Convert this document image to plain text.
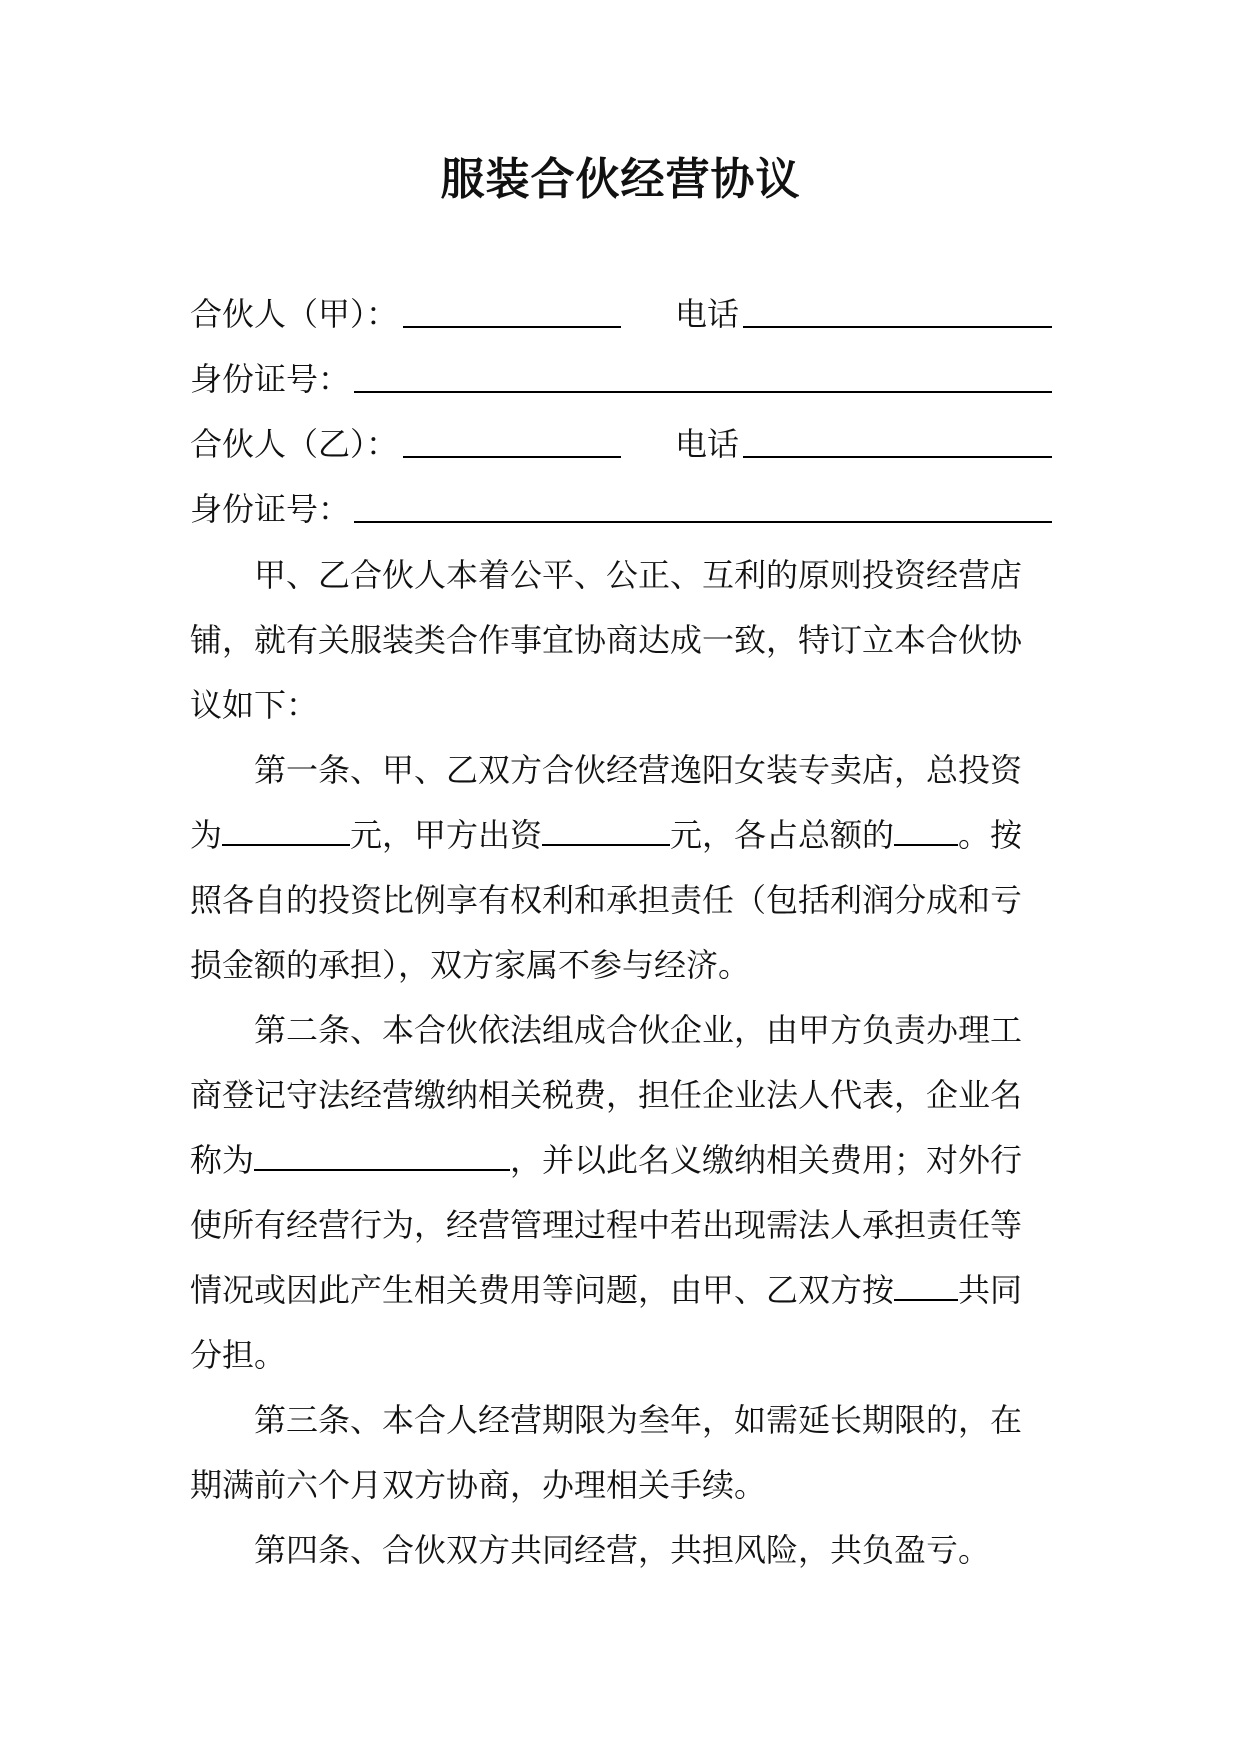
服装合伙经营协议
合伙人（甲）：	电话
身份证号：
合伙人（乙）：	电话
身份证号：
甲、乙合伙人本着公平、公正、互利的原则投资经营店
铺，就有关服装类合作事宜协商达成一致，特订立本合伙协
议如下：
第一条、甲、乙双方合伙经营逸阳女装专卖店，总投资
为	元，甲方出资	元，各占总额的 。按
照各自的投资比例享有权利和承担责任（包括利润分成和亏
损金额的承担），双方家属不参与经济。
第二条、本合伙依法组成合伙企业，由甲方负责办理工
商登记守法经营缴纳相关税费，担任企业法人代表，企业名
称为	，并以此名义缴纳相关费用；对外行
使所有经营行为，经营管理过程中若出现需法人承担责任等
情况或因此产生相关费用等问题，由甲、乙双方按 共同
分担。
第三条、本合人经营期限为叁年，如需延长期限的，在
期满前六个月双方协商，办理相关手续。
第四条、合伙双方共同经营，共担风险，共负盈亏。
